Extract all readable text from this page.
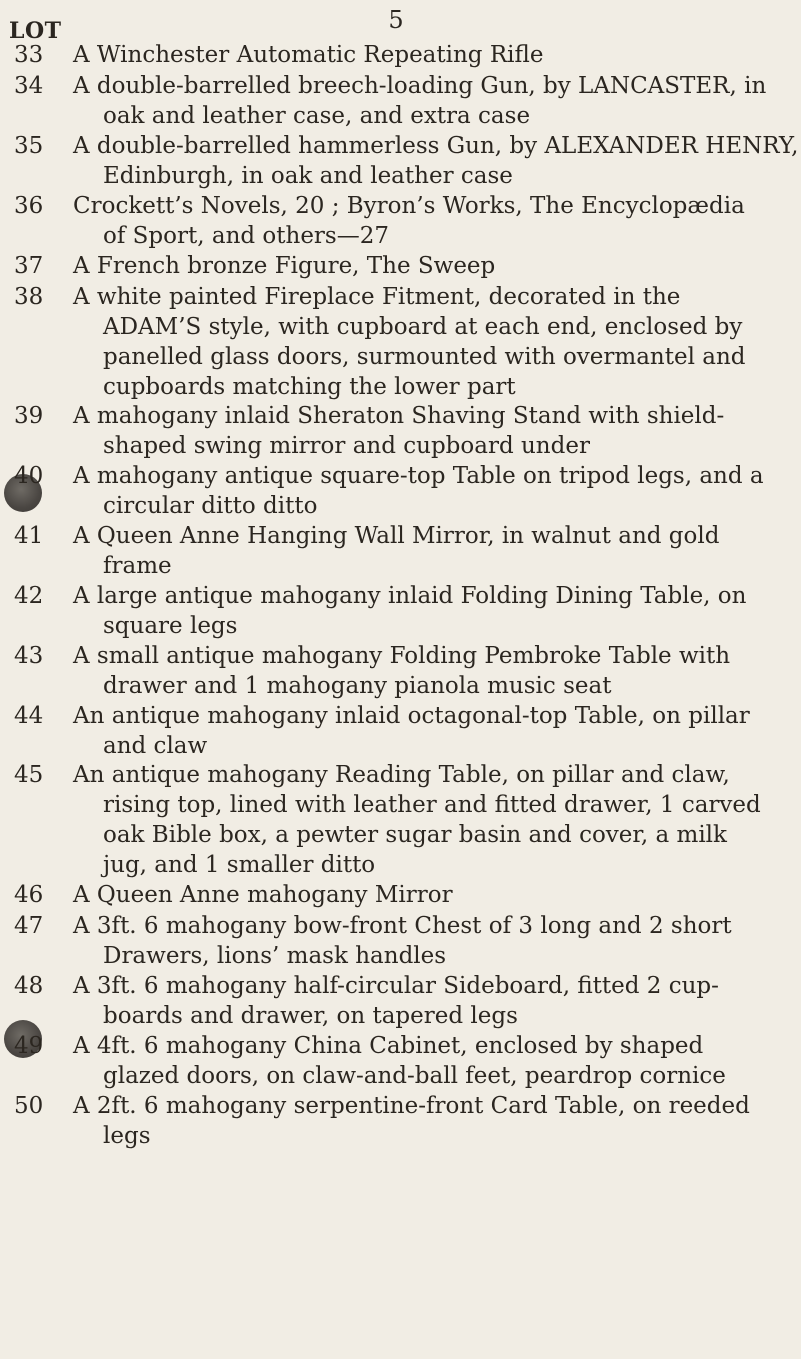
5
LOT
33	A Winchester Automatic Repeating Rifle
34	A double-barrelled breech-loading Gun, by LANCASTER, in
oak and leather case, and extra case
35	A double-barrelled hammerless Gun, by ALEXANDER HENRY,
Edinburgh, in oak and leather case
36	Crockett’s Novels, 20 ; Byron’s Works, The Encyclopædia
of Sport, and others—27
37	A French bronze Figure, The Sweep
38	A white painted Fireplace Fitment, decorated in the
ADAM’S style, with cupboard at each end, enclosed by
panelled glass doors, surmounted with overmantel and
cupboards matching the lower part
39	A mahogany inlaid Sheraton Shaving Stand with shield-
shaped swing mirror and cupboard under
40	A mahogany antique square-top Table on tripod legs, and a
circular ditto ditto
41	A Queen Anne Hanging Wall Mirror, in walnut and gold
frame
42	A large antique mahogany inlaid Folding Dining Table, on
square legs
43	A small antique mahogany Folding Pembroke Table with
drawer and 1 mahogany pianola music seat
44	An antique mahogany inlaid octagonal-top Table, on pillar
and claw
45	An antique mahogany Reading Table, on pillar and claw,
rising top, lined with leather and fitted drawer, 1 carved
oak Bible box, a pewter sugar basin and cover, a milk
jug, and 1 smaller ditto
46	A Queen Anne mahogany Mirror
47	A 3ft. 6 mahogany bow-front Chest of 3 long and 2 short
Drawers, lions’ mask handles
48	A 3ft. 6 mahogany half-circular Sideboard, fitted 2 cup-
boards and drawer, on tapered legs
49	A 4ft. 6 mahogany China Cabinet, enclosed by shaped
glazed doors, on claw-and-ball feet, peardrop cornice
50	A 2ft. 6 mahogany serpentine-front Card Table, on reeded
legs
